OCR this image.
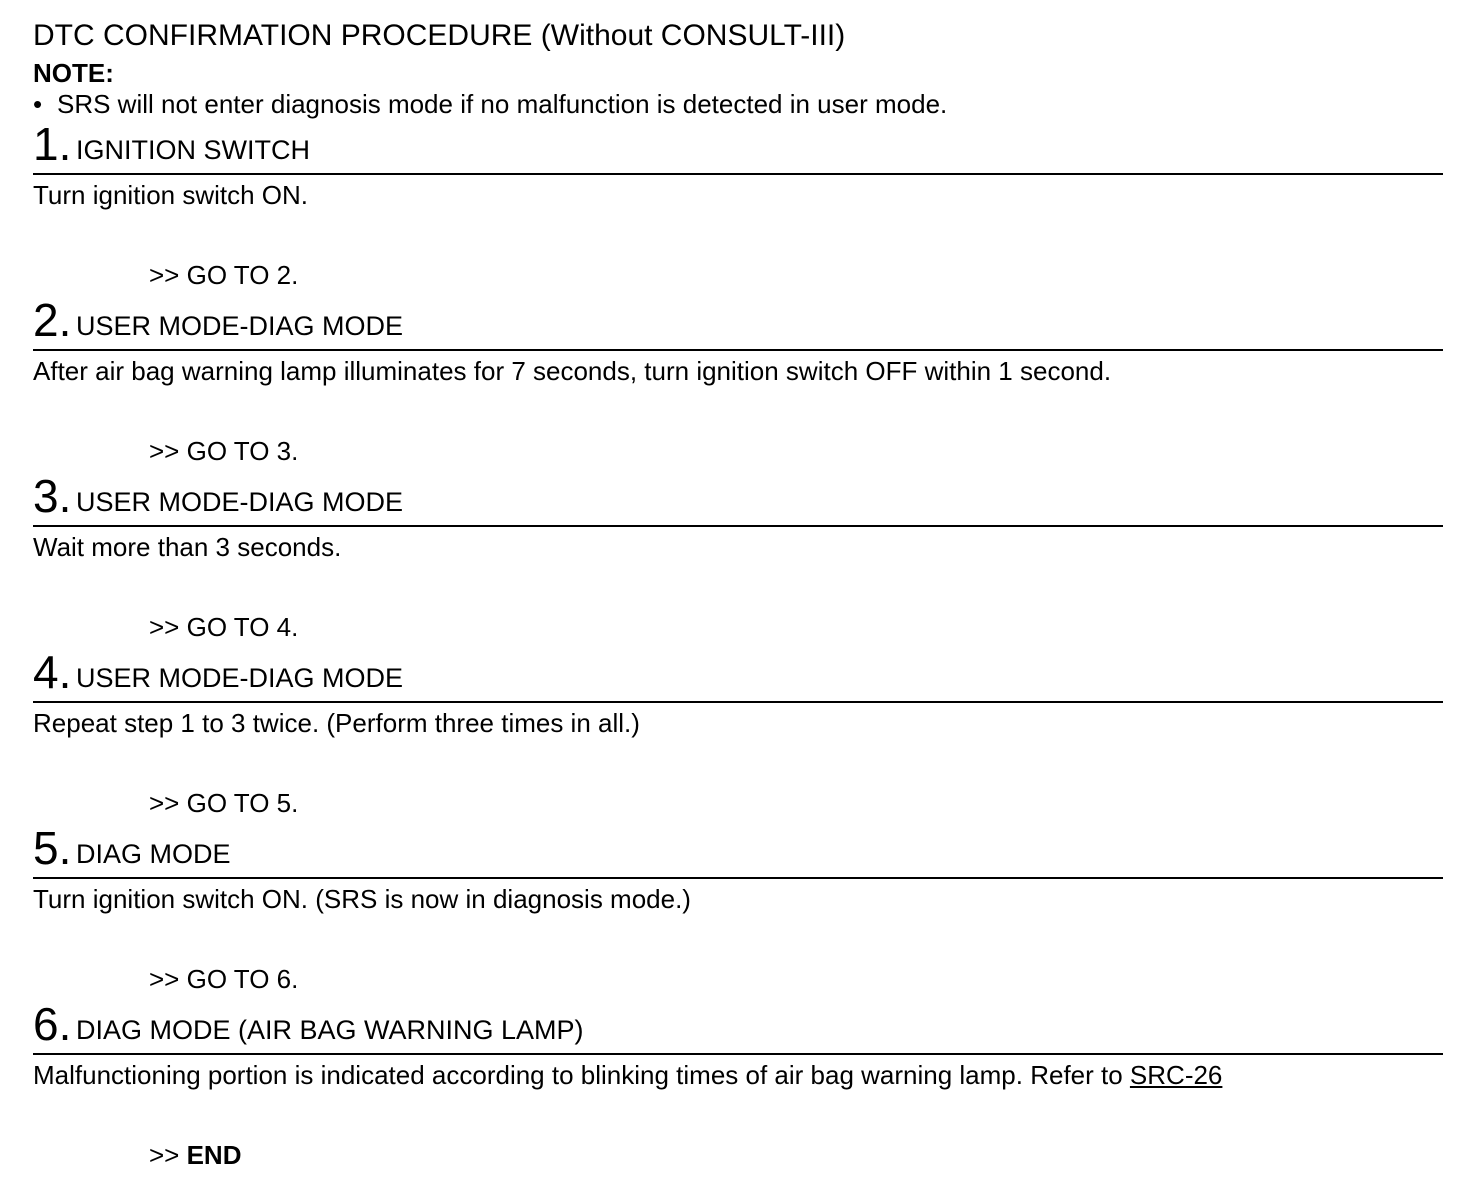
DTC CONFIRMATION PROCEDURE (Without CONSULT-III)
NOTE:
• SRS will not enter diagnosis mode if no malfunction is detected in user mode.
1. IGNITION SWITCH
Turn ignition switch ON.
>> GO TO 2.
2. USER MODE-DIAG MODE
After air bag warning lamp illuminates for 7 seconds, turn ignition switch OFF within 1 second.
>> GO TO 3.
3. USER MODE-DIAG MODE
Wait more than 3 seconds.
>> GO TO 4.
4. USER MODE-DIAG MODE
Repeat step 1 to 3 twice. (Perform three times in all.)
>> GO TO 5.
5. DIAG MODE
Turn ignition switch ON. (SRS is now in diagnosis mode.)
>> GO TO 6.
6. DIAG MODE (AIR BAG WARNING LAMP)
Malfunctioning portion is indicated according to blinking times of air bag warning lamp. Refer to SRC-26
>> END
